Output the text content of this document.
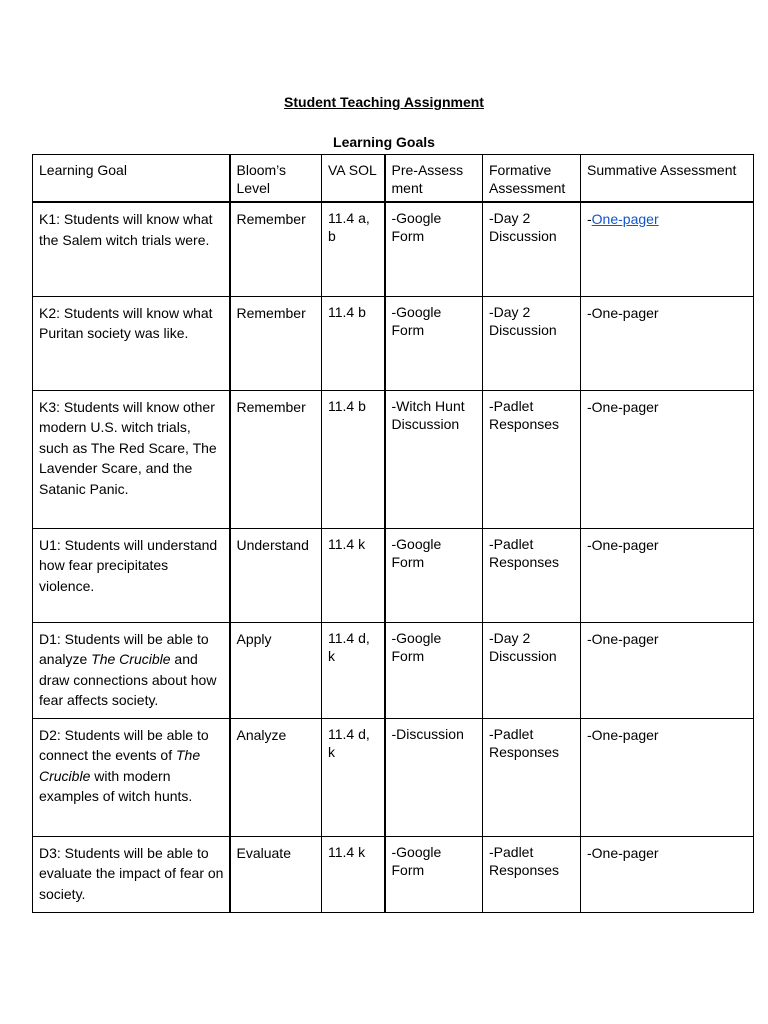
Student Teaching Assignment
Learning Goals
Learning Goal	Bloom’s Level	VA SOL	Pre-Assess ment	Formative Assessment	Summative Assessment
K1: Students will know what the Salem witch trials were.	Remember	11.4 a, b	-Google Form	-Day 2 Discussion	-One-pager
K2: Students will know what Puritan society was like.	Remember	11.4 b	-Google Form	-Day 2 Discussion	-One-pager
K3: Students will know other modern U.S. witch trials, such as The Red Scare, The Lavender Scare, and the Satanic Panic.	Remember	11.4 b	-Witch Hunt Discussion	-Padlet Responses	-One-pager
U1: Students will understand how fear precipitates violence.	Understand	11.4 k	-Google Form	-Padlet Responses	-One-pager
D1: Students will be able to analyze The Crucible and draw connections about how fear affects society.	Apply	11.4 d, k	-Google Form	-Day 2 Discussion	-One-pager
D2: Students will be able to connect the events of The Crucible with modern examples of witch hunts.	Analyze	11.4 d, k	-Discussion	-Padlet Responses	-One-pager
D3: Students will be able to evaluate the impact of fear on society.	Evaluate	11.4 k	-Google Form	-Padlet Responses	-One-pager
